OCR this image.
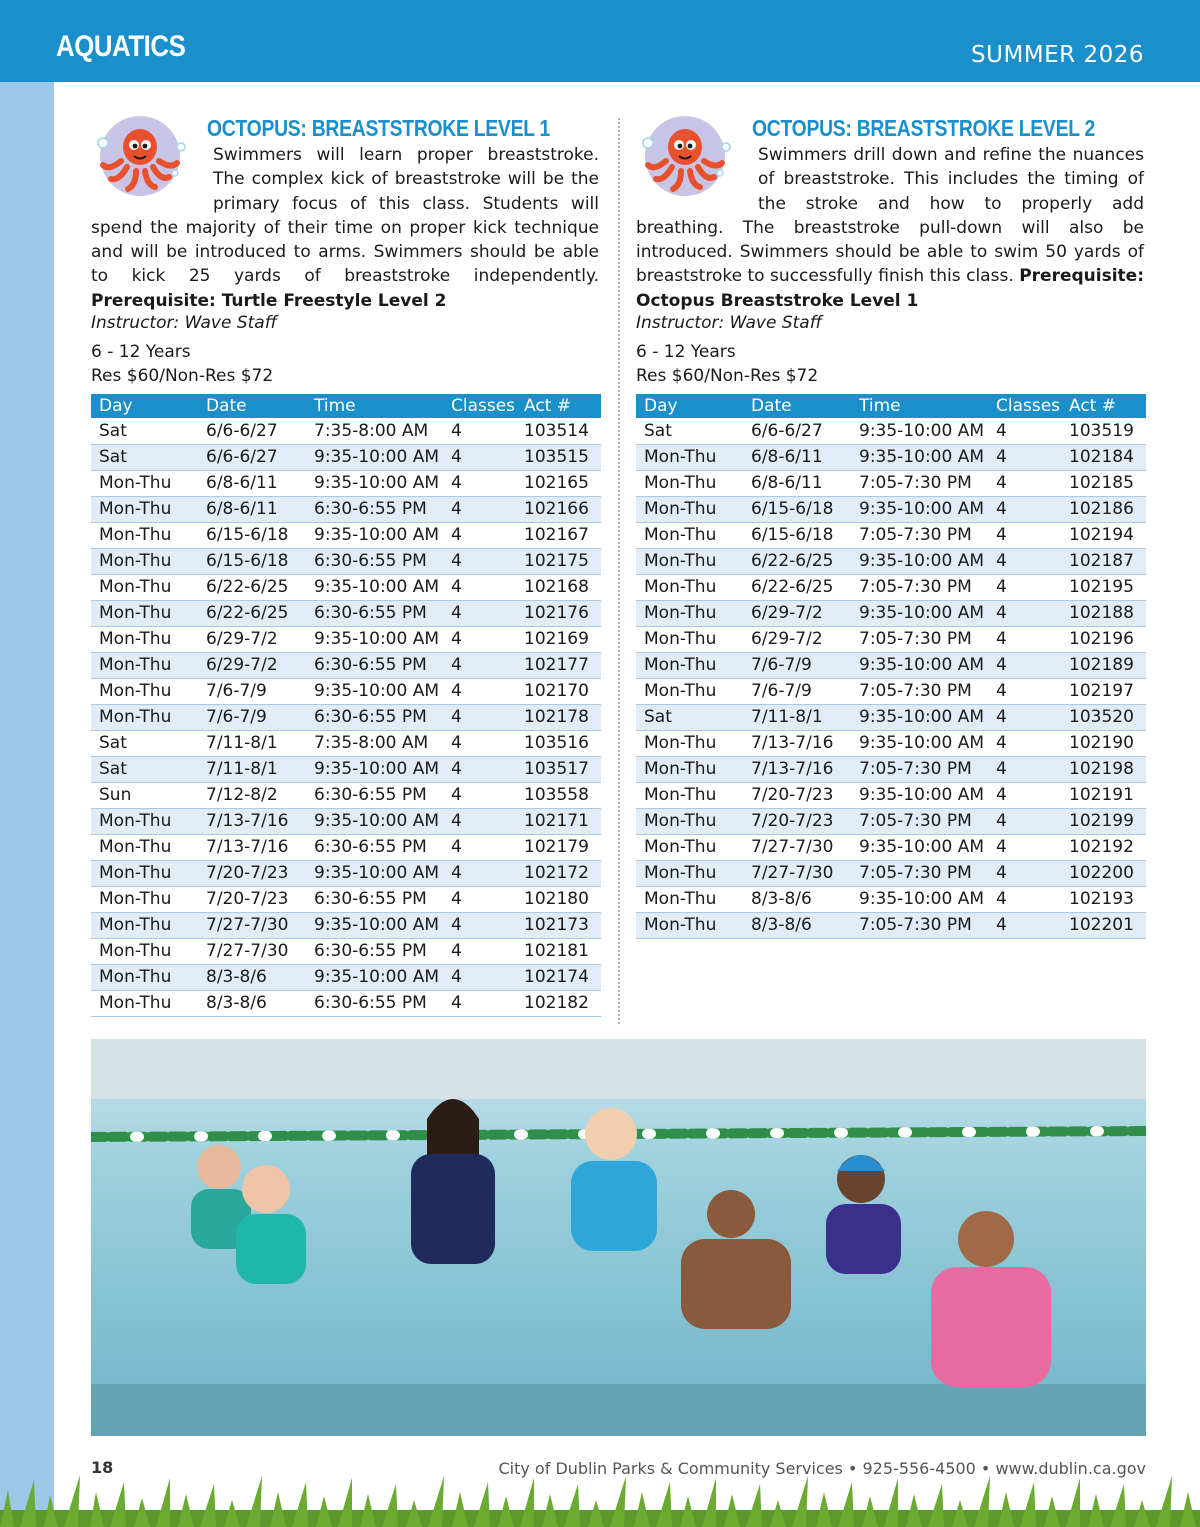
AQUATICS	SUMMER 2026
OCTOPUS: BREASTSTROKE LEVEL 1
Swimmers will learn proper breaststroke. The complex kick of breaststroke will be the primary focus of this class. Students will spend the majority of their time on proper kick technique and will be introduced to arms. Swimmers should be able to kick 25 yards of breaststroke independently. Prerequisite: Turtle Freestyle Level 2
Instructor: Wave Staff
6 - 12 Years
Res $60/Non-Res $72
Day	Date	Time	Classes	Act #
Sat	6/6-6/27	7:35-8:00 AM	4	103514
Sat	6/6-6/27	9:35-10:00 AM	4	103515
Mon-Thu	6/8-6/11	9:35-10:00 AM	4	102165
Mon-Thu	6/8-6/11	6:30-6:55 PM	4	102166
Mon-Thu	6/15-6/18	9:35-10:00 AM	4	102167
Mon-Thu	6/15-6/18	6:30-6:55 PM	4	102175
Mon-Thu	6/22-6/25	9:35-10:00 AM	4	102168
Mon-Thu	6/22-6/25	6:30-6:55 PM	4	102176
Mon-Thu	6/29-7/2	9:35-10:00 AM	4	102169
Mon-Thu	6/29-7/2	6:30-6:55 PM	4	102177
Mon-Thu	7/6-7/9	9:35-10:00 AM	4	102170
Mon-Thu	7/6-7/9	6:30-6:55 PM	4	102178
Sat	7/11-8/1	7:35-8:00 AM	4	103516
Sat	7/11-8/1	9:35-10:00 AM	4	103517
Sun	7/12-8/2	6:30-6:55 PM	4	103558
Mon-Thu	7/13-7/16	9:35-10:00 AM	4	102171
Mon-Thu	7/13-7/16	6:30-6:55 PM	4	102179
Mon-Thu	7/20-7/23	9:35-10:00 AM	4	102172
Mon-Thu	7/20-7/23	6:30-6:55 PM	4	102180
Mon-Thu	7/27-7/30	9:35-10:00 AM	4	102173
Mon-Thu	7/27-7/30	6:30-6:55 PM	4	102181
Mon-Thu	8/3-8/6	9:35-10:00 AM	4	102174
Mon-Thu	8/3-8/6	6:30-6:55 PM	4	102182
OCTOPUS: BREASTSTROKE LEVEL 2
Swimmers drill down and refine the nuances of breaststroke. This includes the timing of the stroke and how to properly add breathing. The breaststroke pull-down will also be introduced. Swimmers should be able to swim 50 yards of breaststroke to successfully finish this class. Prerequisite: Octopus Breaststroke Level 1
Instructor: Wave Staff
6 - 12 Years
Res $60/Non-Res $72
Day	Date	Time	Classes	Act #
Sat	6/6-6/27	9:35-10:00 AM	4	103519
Mon-Thu	6/8-6/11	9:35-10:00 AM	4	102184
Mon-Thu	6/8-6/11	7:05-7:30 PM	4	102185
Mon-Thu	6/15-6/18	9:35-10:00 AM	4	102186
Mon-Thu	6/15-6/18	7:05-7:30 PM	4	102194
Mon-Thu	6/22-6/25	9:35-10:00 AM	4	102187
Mon-Thu	6/22-6/25	7:05-7:30 PM	4	102195
Mon-Thu	6/29-7/2	9:35-10:00 AM	4	102188
Mon-Thu	6/29-7/2	7:05-7:30 PM	4	102196
Mon-Thu	7/6-7/9	9:35-10:00 AM	4	102189
Mon-Thu	7/6-7/9	7:05-7:30 PM	4	102197
Sat	7/11-8/1	9:35-10:00 AM	4	103520
Mon-Thu	7/13-7/16	9:35-10:00 AM	4	102190
Mon-Thu	7/13-7/16	7:05-7:30 PM	4	102198
Mon-Thu	7/20-7/23	9:35-10:00 AM	4	102191
Mon-Thu	7/20-7/23	7:05-7:30 PM	4	102199
Mon-Thu	7/27-7/30	9:35-10:00 AM	4	102192
Mon-Thu	7/27-7/30	7:05-7:30 PM	4	102200
Mon-Thu	8/3-8/6	9:35-10:00 AM	4	102193
Mon-Thu	8/3-8/6	7:05-7:30 PM	4	102201
18	City of Dublin Parks & Community Services • 925-556-4500 • www.dublin.ca.gov
